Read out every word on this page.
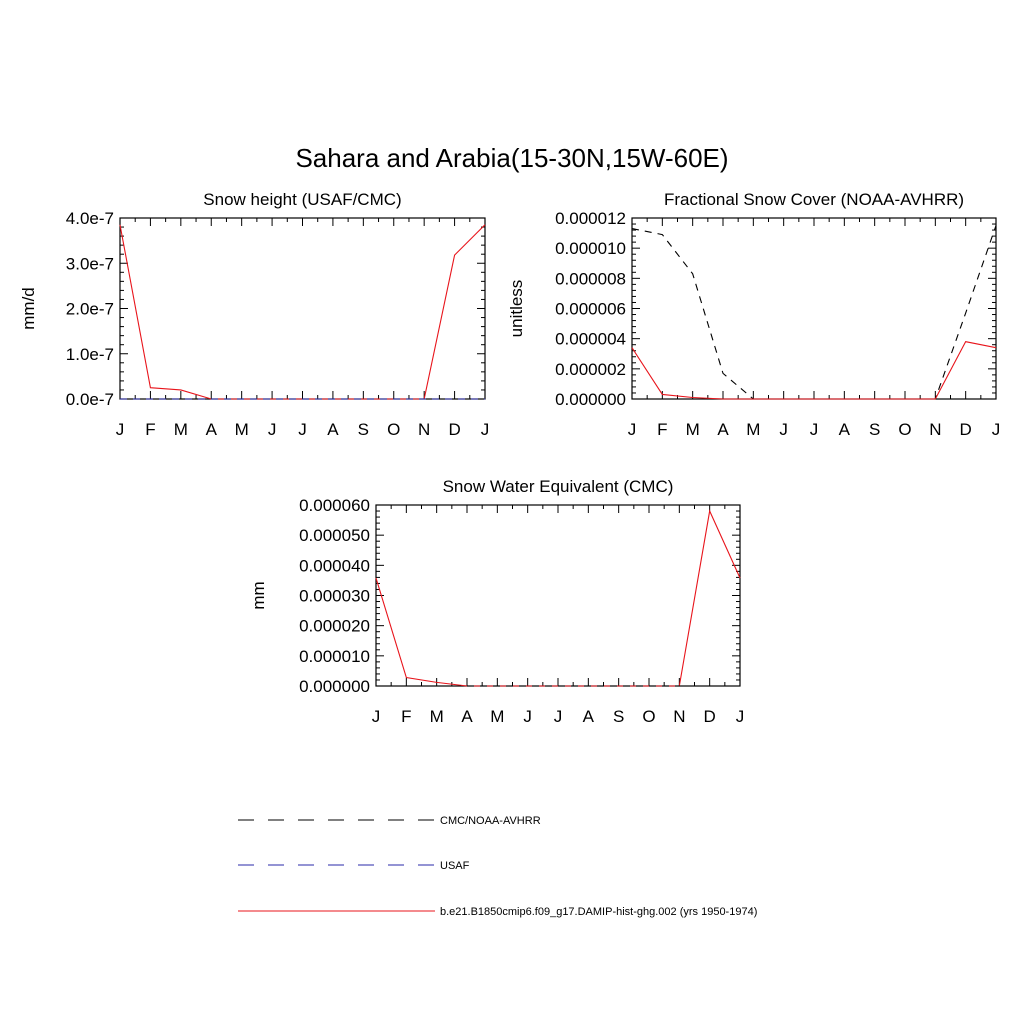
Sahara and Arabia(15-30N,15W-60E)
Snow height (USAF/CMC)
J F M A M J J A S O N D J
0.0e-7
1.0e-7
2.0e-7
3.0e-7
4.0e-7
mm/d
Fractional Snow Cover (NOAA-AVHRR)
J F M A M J J A S O N D J
0.000000
0.000002
0.000004
0.000006
0.000008
0.000010
0.000012
unitless
Snow Water Equivalent (CMC)
J F M A M J J A S O N D J
0.000000
0.000010
0.000020
0.000030
0.000040
0.000050
0.000060
mm
CMC/NOAA-AVHRR
USAF
b.e21.B1850cmip6.f09_g17.DAMIP-hist-ghg.002 (yrs 1950-1974)
